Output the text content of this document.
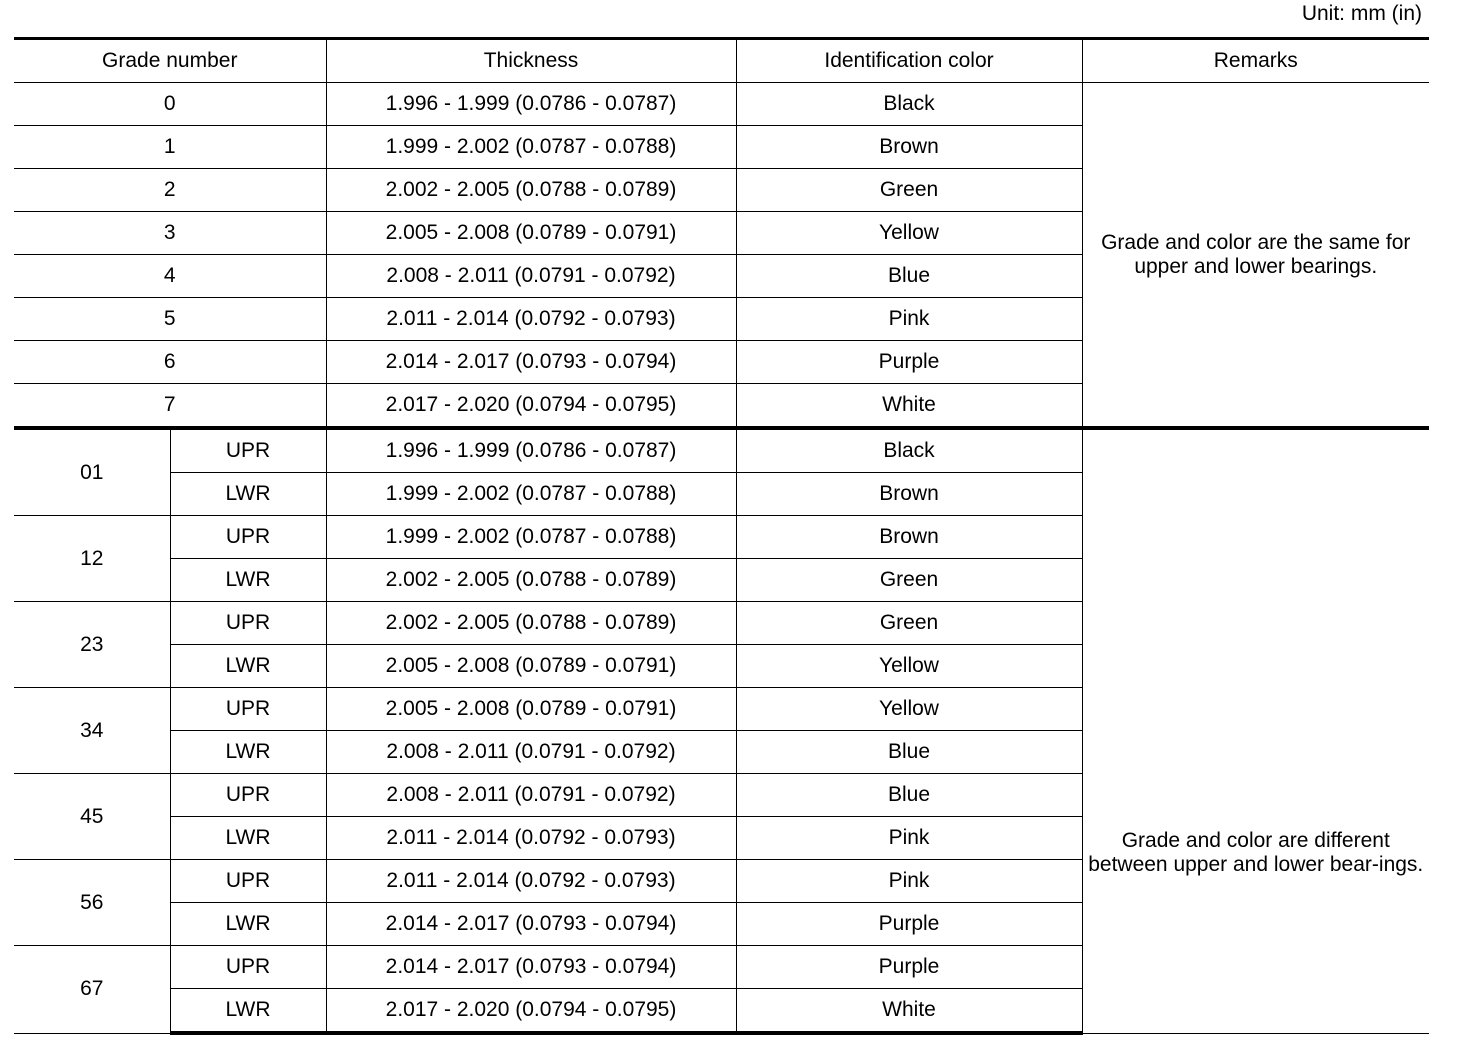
Unit: mm (in)
Grade number		Thickness	Identification color	Remarks
0		1.996 - 1.999 (0.0786 - 0.0787)	Black	Grade and color are the same for upper and lower bearings.
1		1.999 - 2.002 (0.0787 - 0.0788)	Brown	
2		2.002 - 2.005 (0.0788 - 0.0789)	Green	
3		2.005 - 2.008 (0.0789 - 0.0791)	Yellow	
4		2.008 - 2.011 (0.0791 - 0.0792)	Blue	
5		2.011 - 2.014 (0.0792 - 0.0793)	Pink	
6		2.014 - 2.017 (0.0793 - 0.0794)	Purple	
7		2.017 - 2.020 (0.0794 - 0.0795)	White	
01	UPR	1.996 - 1.999 (0.0786 - 0.0787)	Black	Grade and color are different between upper and lower bear-ings.
	LWR	1.999 - 2.002 (0.0787 - 0.0788)	Brown	
12	UPR	1.999 - 2.002 (0.0787 - 0.0788)	Brown	
	LWR	2.002 - 2.005 (0.0788 - 0.0789)	Green	
23	UPR	2.002 - 2.005 (0.0788 - 0.0789)	Green	
	LWR	2.005 - 2.008 (0.0789 - 0.0791)	Yellow	
34	UPR	2.005 - 2.008 (0.0789 - 0.0791)	Yellow	
	LWR	2.008 - 2.011 (0.0791 - 0.0792)	Blue	
45	UPR	2.008 - 2.011 (0.0791 - 0.0792)	Blue	
	LWR	2.011 - 2.014 (0.0792 - 0.0793)	Pink	
56	UPR	2.011 - 2.014 (0.0792 - 0.0793)	Pink	
	LWR	2.014 - 2.017 (0.0793 - 0.0794)	Purple	
67	UPR	2.014 - 2.017 (0.0793 - 0.0794)	Purple	
	LWR	2.017 - 2.020 (0.0794 - 0.0795)	White	
